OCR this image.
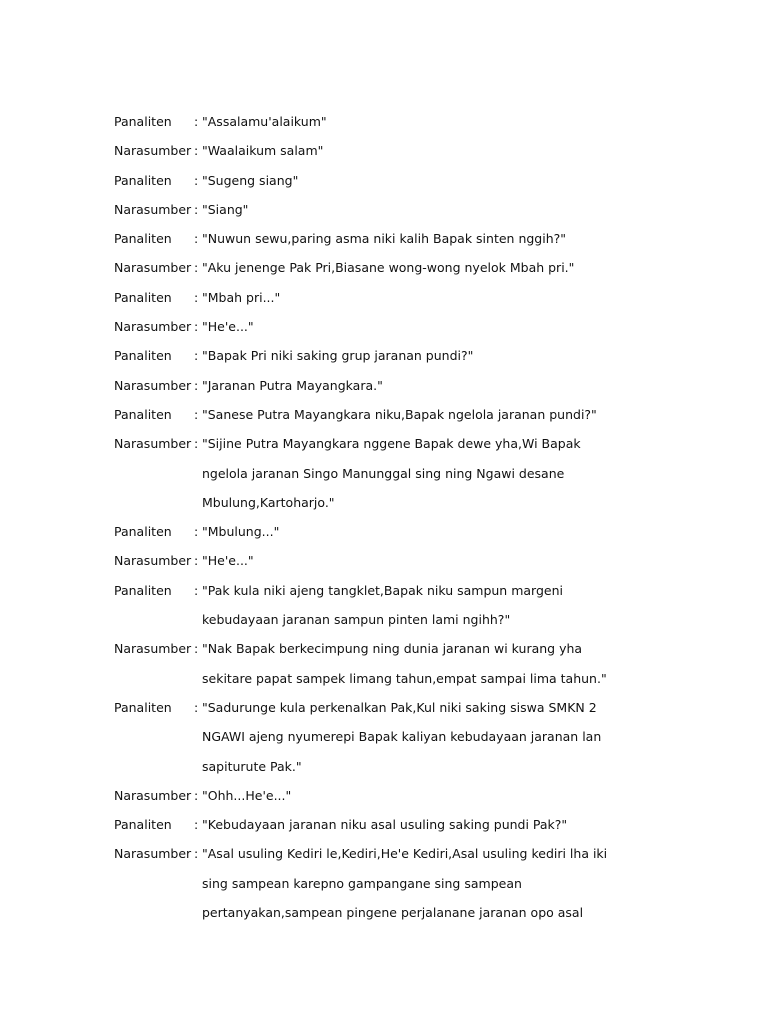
Panaliten	: "Assalamu'alaikum"
Narasumber : "Waalaikum salam"
Panaliten	: "Sugeng siang"
Narasumber : "Siang"
Panaliten	: "Nuwun sewu,paring asma niki kalih Bapak sinten nggih?"
Narasumber : "Aku jenenge Pak Pri,Biasane wong-wong nyelok Mbah pri."
Panaliten	: "Mbah pri..."
Narasumber : "He'e..."
Panaliten	: "Bapak Pri niki saking grup jaranan pundi?"
Narasumber : "Jaranan Putra Mayangkara."
Panaliten	: "Sanese Putra Mayangkara niku,Bapak ngelola jaranan pundi?"
Narasumber : "Sijine Putra Mayangkara nggene Bapak dewe yha,Wi Bapak
ngelola jaranan Singo Manunggal sing ning Ngawi desane
Mbulung,Kartoharjo."
Panaliten	: "Mbulung..."
Narasumber : "He'e..."
Panaliten	: "Pak kula niki ajeng tangklet,Bapak niku sampun margeni
kebudayaan jaranan sampun pinten lami ngihh?"
Narasumber : "Nak Bapak berkecimpung ning dunia jaranan wi kurang yha
sekitare papat sampek limang tahun,empat sampai lima tahun."
Panaliten	: "Sadurunge kula perkenalkan Pak,Kul niki saking siswa SMKN 2
NGAWI ajeng nyumerepi Bapak kaliyan kebudayaan jaranan lan
sapiturute Pak."
Narasumber : "Ohh...He'e..."
Panaliten	: "Kebudayaan jaranan niku asal usuling saking pundi Pak?"
Narasumber : "Asal usuling Kediri le,Kediri,He'e Kediri,Asal usuling kediri lha iki
sing sampean karepno gampangane sing sampean
pertanyakan,sampean pingene perjalanane jaranan opo asal
